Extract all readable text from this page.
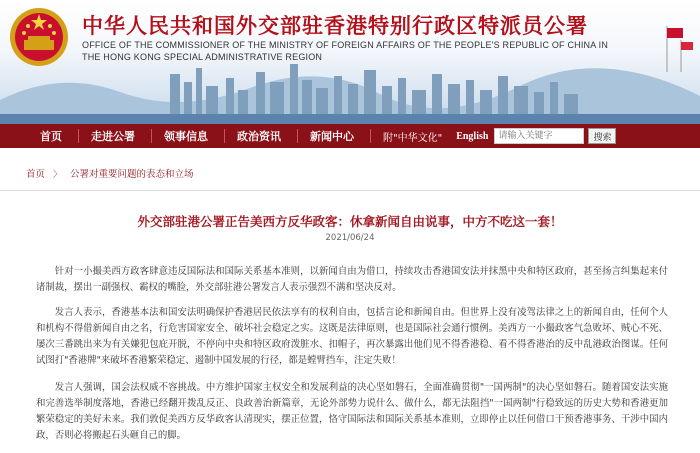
中华人民共和国外交部驻香港特别行政区特派员公署
OFFICE OF THE COMMISSIONER OF THE MINISTRY OF FOREIGN AFFAIRS OF THE PEOPLE'S REPUBLIC OF CHINA IN
THE HONG KONG SPECIAL ADMINISTRATIVE REGION
首页	走进公署	领事信息	政治资讯	新闻中心	附"中华文化" English
请输入关键字	搜索
首页 〉 公署对重要问题的表态和立场
外交部驻港公署正告美西方反华政客：休拿新闻自由说事，中方不吃这一套！
2021/06/24
针对一小撮美西方政客肆意违反国际法和国际关系基本准则，以新闻自由为借口，持续攻击香港国安法并抹黑中央和特区政府，甚至扬言纠集起来付诸制裁，摆出一副强权、霸权的嘴脸，外交部驻港公署发言人表示强烈不满和坚决反对。
发言人表示，香港基本法和国安法明确保护香港居民依法享有的权利自由，包括言论和新闻自由。但世界上没有凌驾法律之上的新闻自由，任何个人和机构不得借新闻自由之名，行危害国家安全、破坏社会稳定之实。这既是法律原则，也是国际社会通行惯例。美西方一小撮政客气急败坏、贼心不死、屡次三番跳出来为有关嫌犯包庇开脱，不停向中央和特区政府泼脏水、扣帽子，再次暴露出他们见不得香港稳、看不得香港治的反中乱港政治图谋。任何试图打"香港牌"来破坏香港繁荣稳定、遏制中国发展的行径，都是螳臂挡车，注定失败！
发言人强调，国会法权威不容挑战。中方维护国家主权安全和发展利益的决心坚如磐石，全面准确贯彻"一国两制"的决心坚如磐石。随着国安法实施和完善选举制度落地，香港已经翻开拨乱反正、良政善治新篇章，无论外部势力说什么、做什么，都无法阻挡"一国两制"行稳致远的历史大势和香港更加繁荣稳定的美好未来。我们敦促美西方反华政客认清现实，摆正位置，恪守国际法和国际关系基本准则，立即停止以任何借口干预香港事务、干涉中国内政，否则必将搬起石头砸自己的脚。
